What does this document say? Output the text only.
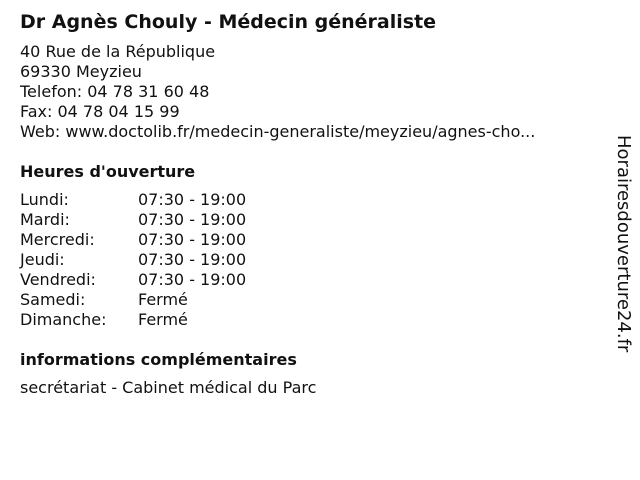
Dr Agnès Chouly - Médecin généraliste
40 Rue de la République
69330 Meyzieu
Telefon: 04 78 31 60 48
Fax: 04 78 04 15 99
Web: www.doctolib.fr/medecin-generaliste/meyzieu/agnes-cho...
Heures d'ouverture
Lundi:	07:30 - 19:00
Mardi:	07:30 - 19:00
Mercredi:	07:30 - 19:00
Jeudi:	07:30 - 19:00
Vendredi:	07:30 - 19:00
Samedi:	Fermé
Dimanche:	Fermé
informations complémentaires
secrétariat - Cabinet médical du Parc
Horairesdouverture24.fr
